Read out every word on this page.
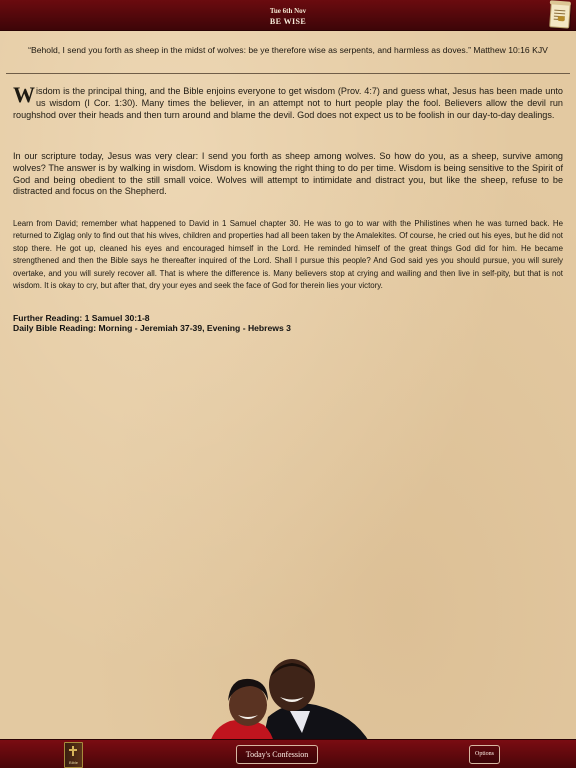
Tue 6th Nov
BE WISE
“Behold, I send you forth as sheep in the midst of wolves: be ye therefore wise as serpents, and harmless as doves.” Matthew 10:16 KJV
W isdom is the principal thing, and the Bible enjoins everyone to get wisdom (Prov. 4:7) and guess what, Jesus has been made unto us wisdom (I Cor. 1:30). Many times the believer, in an attempt not to hurt people play the fool. Believers allow the devil run roughshod over their heads and then turn around and blame the devil. God does not expect us to be foolish in our day-to-day dealings.
In our scripture today, Jesus was very clear: I send you forth as sheep among wolves. So how do you, as a sheep, survive among wolves? The answer is by walking in wisdom. Wisdom is knowing the right thing to do per time. Wisdom is being sensitive to the Spirit of God and being obedient to the still small voice. Wolves will attempt to intimidate and distract you, but like the sheep, refuse to be distracted and focus on the Shepherd.
Learn from David; remember what happened to David in 1 Samuel chapter 30. He was to go to war with the Philistines when he was turned back. He returned to Ziglag only to find out that his wives, children and properties had all been taken by the Amalekites. Of course, he cried out his eyes, but he did not stop there. He got up, cleaned his eyes and encouraged himself in the Lord. He reminded himself of the great things God did for him. He became strengthened and then the Bible says he thereafter inquired of the Lord. Shall I pursue this people? And God said yes you should pursue, you will surely overtake, and you will surely recover all. That is where the difference is. Many believers stop at crying and wailing and then live in self-pity, but that is not wisdom. It is okay to cry, but after that, dry your eyes and seek the face of God for therein lies your victory.
Further Reading: 1 Samuel 30:1-8
Daily Bible Reading: Morning - Jeremiah 37-39, Evening - Hebrews 3
Bible
Today's Confession	Options
